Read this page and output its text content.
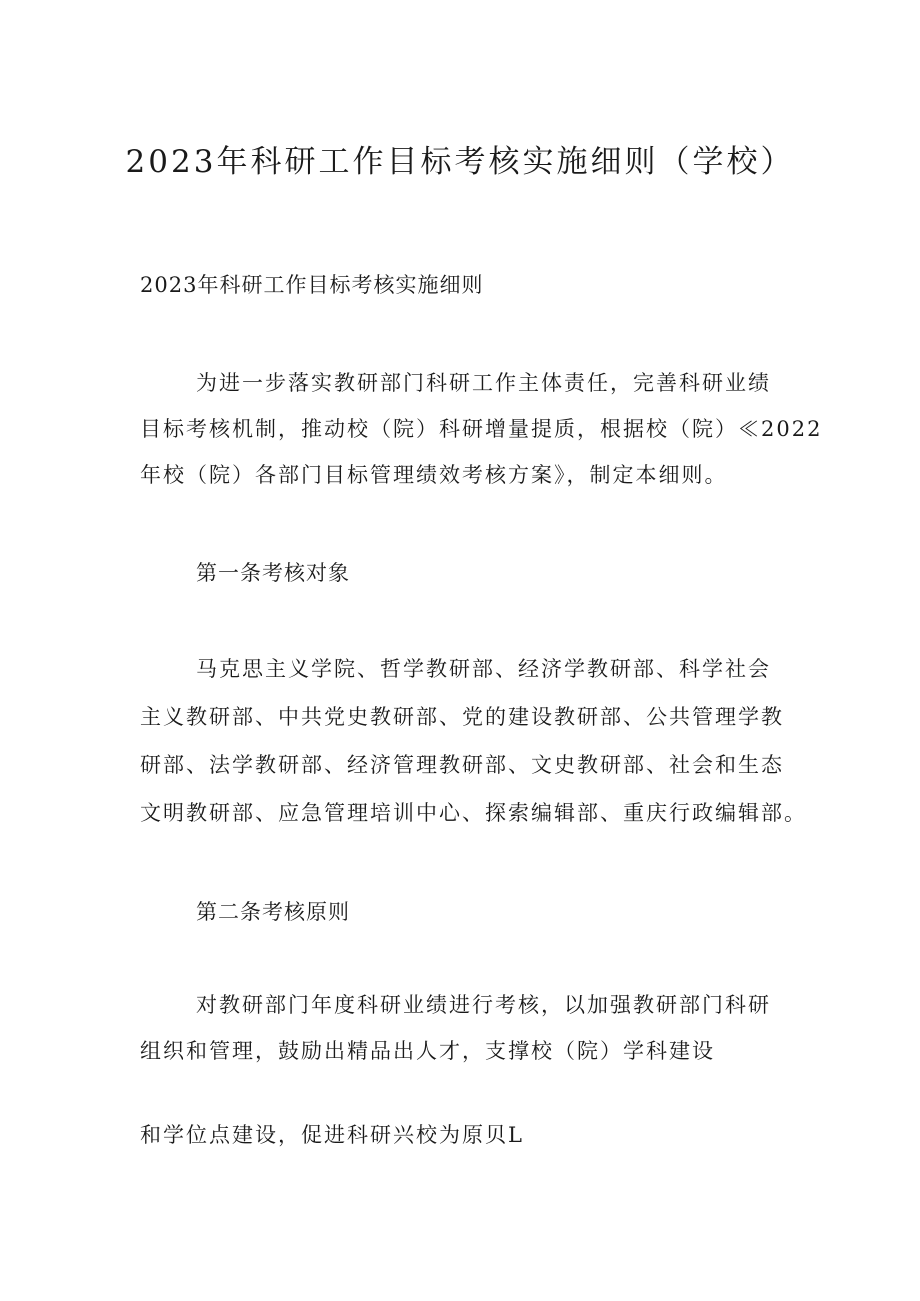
2023年科研工作目标考核实施细则（学校）

2023年科研工作目标考核实施细则

为进一步落实教研部门科研工作主体责任，完善科研业绩

目标考核机制，推动校（院）科研增量提质，根据校（院）≪2022

年校（院）各部门目标管理绩效考核方案》，制定本细则。

第一条考核对象

马克思主义学院、哲学教研部、经济学教研部、科学社会

主义教研部、中共党史教研部、党的建设教研部、公共管理学教

研部、法学教研部、经济管理教研部、文史教研部、社会和生态

文明教研部、应急管理培训中心、探索编辑部、重庆行政编辑部。

第二条考核原则

对教研部门年度科研业绩进行考核，以加强教研部门科研

组织和管理，鼓励出精品出人才，支撑校（院）学科建设

和学位点建设，促进科研兴校为原贝L
